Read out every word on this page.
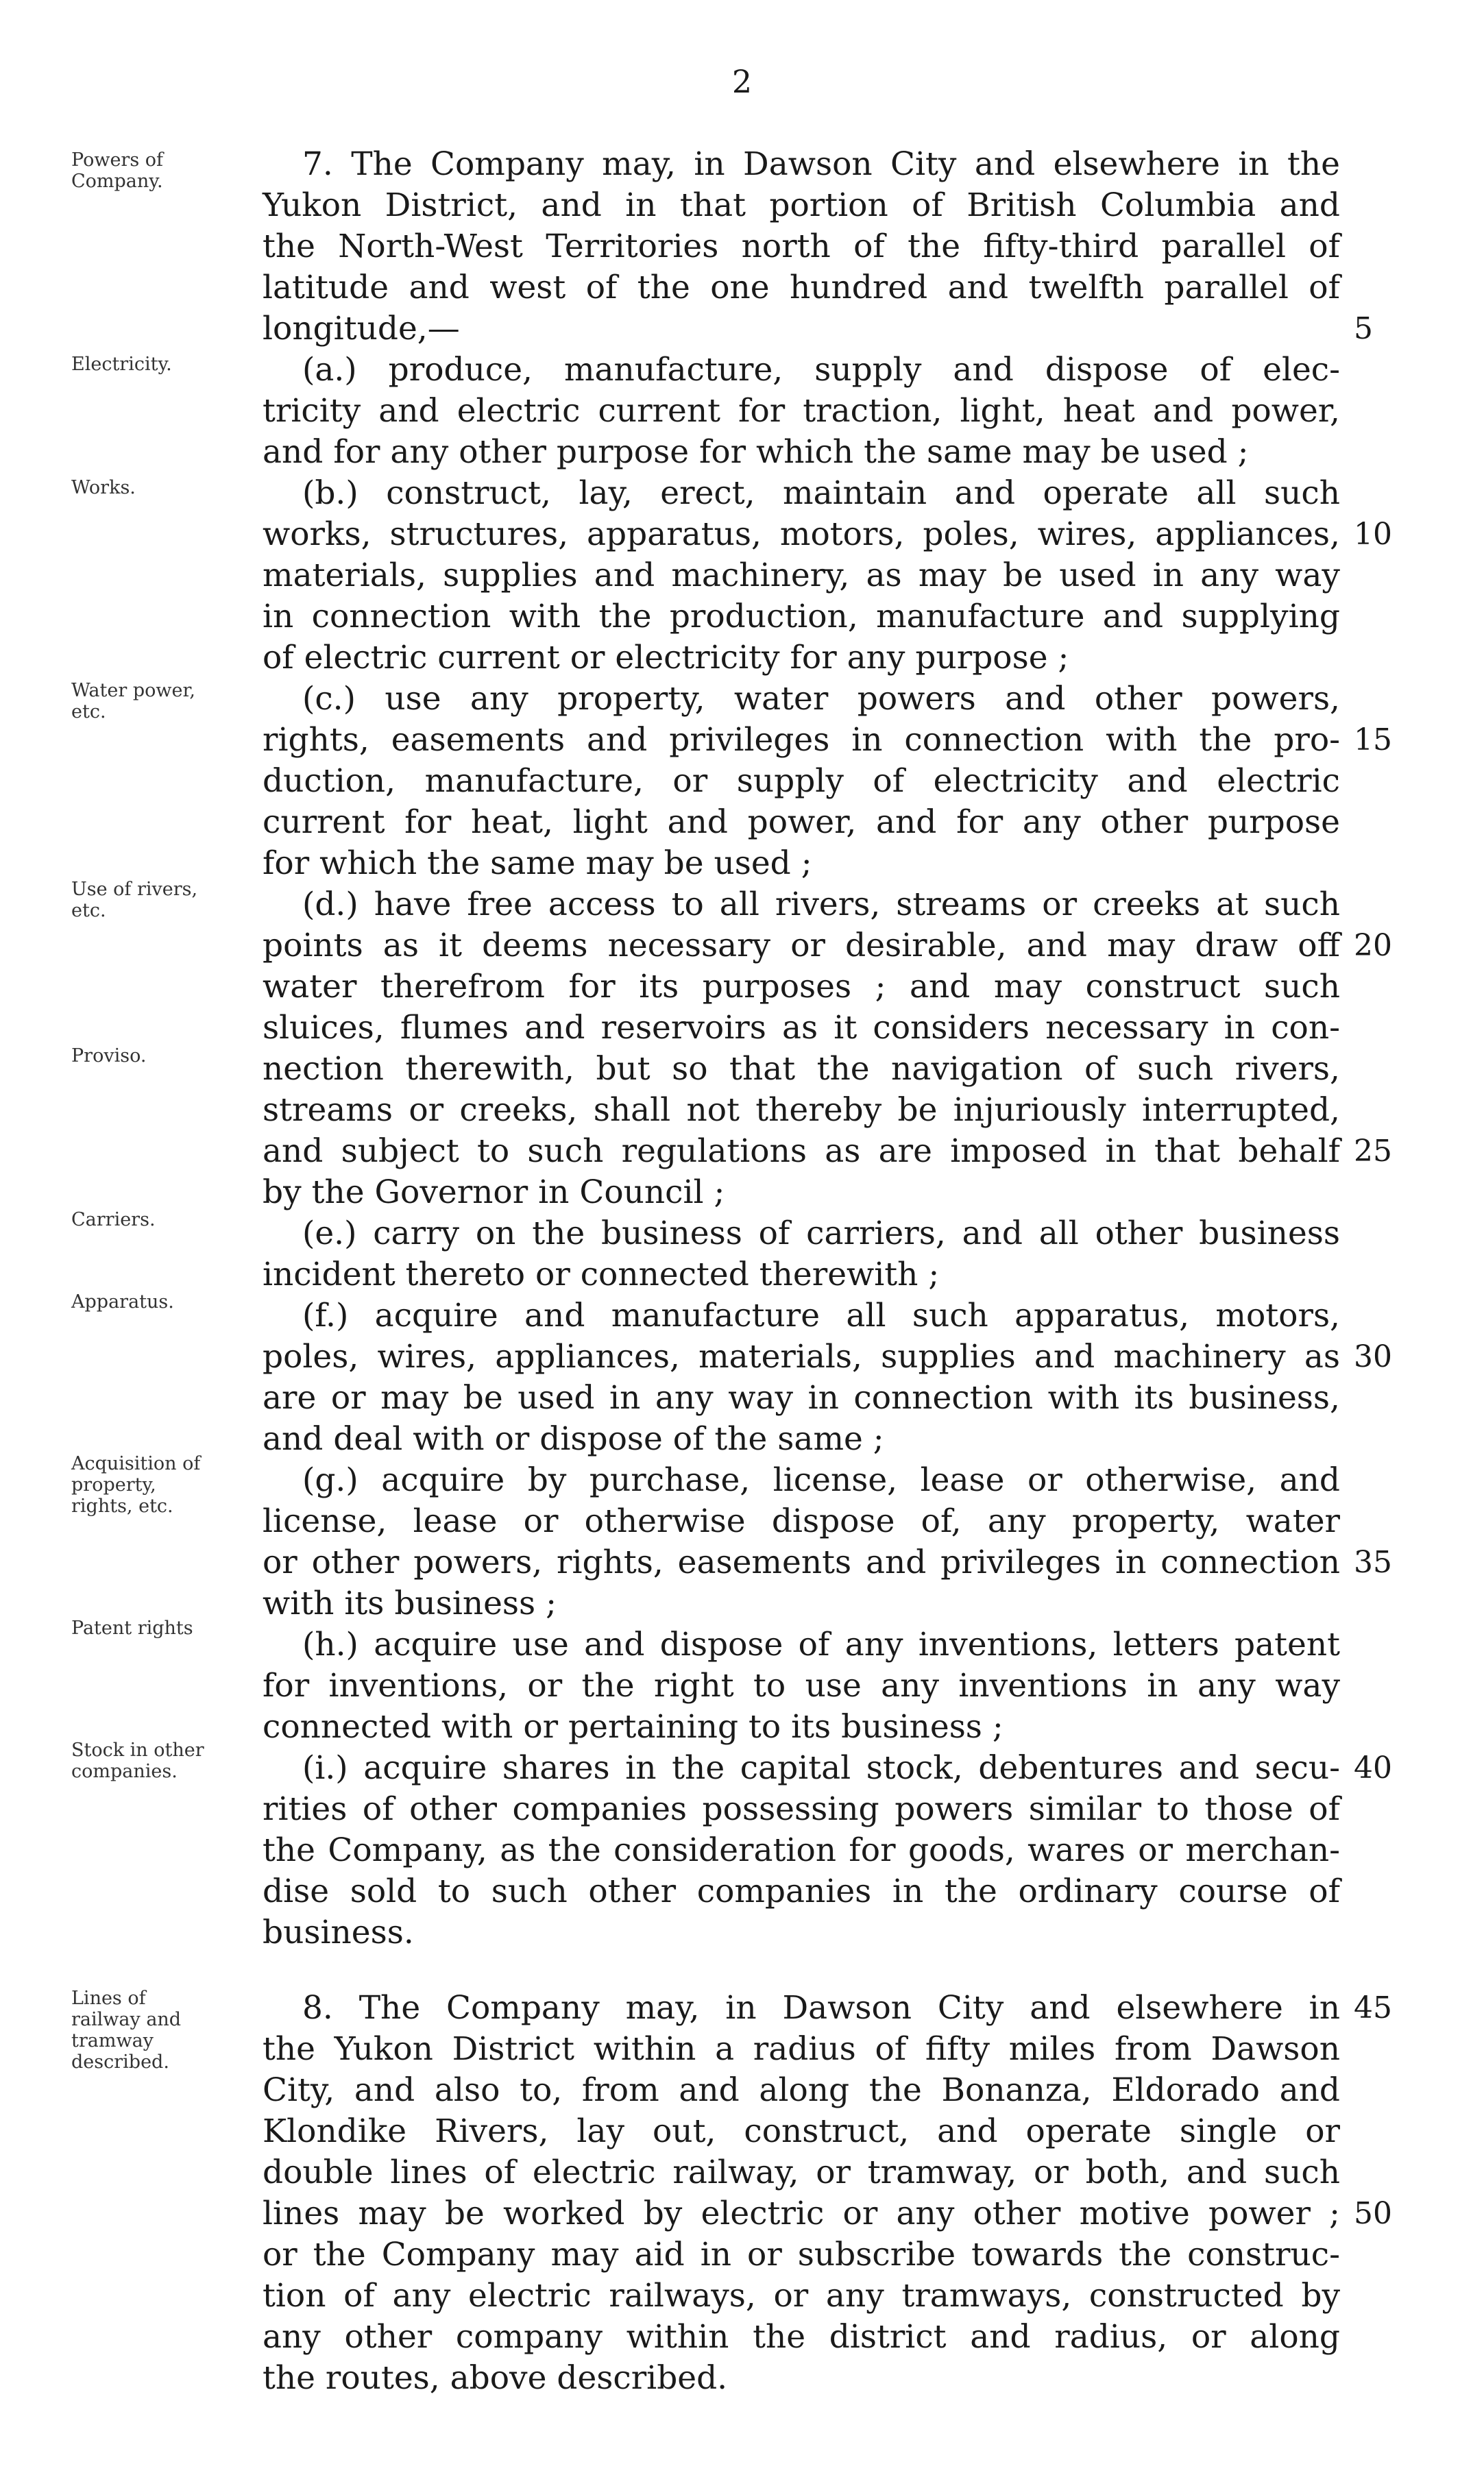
2
Powers of
Company.
Electricity.
Works.
Water power,
etc.
Use of rivers,
etc.
Proviso.
Carriers.
Apparatus.
Acquisition of
property,
rights, etc.
Patent rights
Stock in other
companies.
Lines of
railway and
tramway
described.
7. The Company may, in Dawson City and elsewhere in the
Yukon District, and in that portion of British Columbia and
the North-West Territories north of the fifty-third parallel of
latitude and west of the one hundred and twelfth parallel of
longitude,—
(a.) produce, manufacture, supply and dispose of elec-
tricity and electric current for traction, light, heat and power,
and for any other purpose for which the same may be used ;
(b.) construct, lay, erect, maintain and operate all such
works, structures, apparatus, motors, poles, wires, appliances,
materials, supplies and machinery, as may be used in any way
in connection with the production, manufacture and supplying
of electric current or electricity for any purpose ;
(c.) use any property, water powers and other powers,
rights, easements and privileges in connection with the pro-
duction, manufacture, or supply of electricity and electric
current for heat, light and power, and for any other purpose
for which the same may be used ;
(d.) have free access to all rivers, streams or creeks at such
points as it deems necessary or desirable, and may draw off
water therefrom for its purposes ; and may construct such
sluices, flumes and reservoirs as it considers necessary in con-
nection therewith, but so that the navigation of such rivers,
streams or creeks, shall not thereby be injuriously interrupted,
and subject to such regulations as are imposed in that behalf
by the Governor in Council ;
(e.) carry on the business of carriers, and all other business
incident thereto or connected therewith ;
(f.) acquire and manufacture all such apparatus, motors,
poles, wires, appliances, materials, supplies and machinery as
are or may be used in any way in connection with its business,
and deal with or dispose of the same ;
(g.) acquire by purchase, license, lease or otherwise, and
license, lease or otherwise dispose of, any property, water
or other powers, rights, easements and privileges in connection
with its business ;
(h.) acquire use and dispose of any inventions, letters patent
for inventions, or the right to use any inventions in any way
connected with or pertaining to its business ;
(i.) acquire shares in the capital stock, debentures and secu-
rities of other companies possessing powers similar to those of
the Company, as the consideration for goods, wares or merchan-
dise sold to such other companies in the ordinary course of
business.
8. The Company may, in Dawson City and elsewhere in
the Yukon District within a radius of fifty miles from Dawson
City, and also to, from and along the Bonanza, Eldorado and
Klondike Rivers, lay out, construct, and operate single or
double lines of electric railway, or tramway, or both, and such
lines may be worked by electric or any other motive power ;
or the Company may aid in or subscribe towards the construc-
tion of any electric railways, or any tramways, constructed by
any other company within the district and radius, or along
the routes, above described.
5
10
15
20
25
30
35
40
45
50
